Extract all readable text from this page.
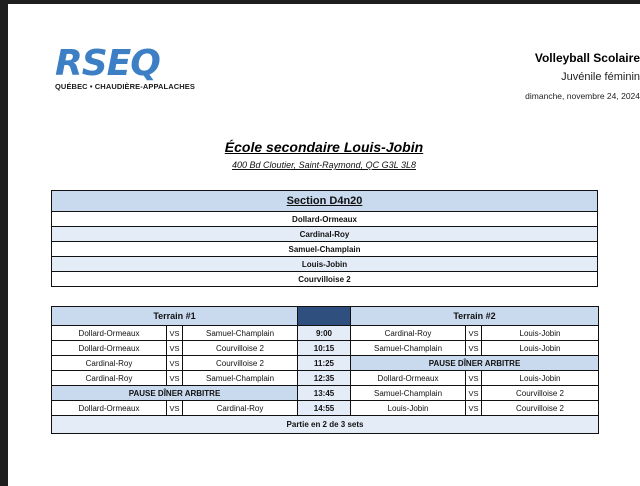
RSEQ
QUÉBEC • CHAUDIÈRE-APPALACHES
Volleyball Scolaire
Juvénile féminin
dimanche, novembre 24, 2024
École secondaire Louis-Jobin
400 Bd Cloutier, Saint-Raymond, QC G3L 3L8
Section D4n20
Dollard-Ormeaux
Cardinal-Roy
Samuel-Champlain
Louis-Jobin
Courvilloise 2
Terrain #1				Terrain #2		
Dollard-Ormeaux	VS	Samuel-Champlain	9:00	Cardinal-Roy	VS	Louis-Jobin
Dollard-Ormeaux	VS	Courvilloise 2	10:15	Samuel-Champlain	VS	Louis-Jobin
Cardinal-Roy	VS	Courvilloise 2	11:25	PAUSE DÎNER ARBITRE		
Cardinal-Roy	VS	Samuel-Champlain	12:35	Dollard-Ormeaux	VS	Louis-Jobin
PAUSE DÎNER ARBITRE			13:45	Samuel-Champlain	VS	Courvilloise 2
Dollard-Ormeaux	VS	Cardinal-Roy	14:55	Louis-Jobin	VS	Courvilloise 2
Partie en 2 de 3 sets						
